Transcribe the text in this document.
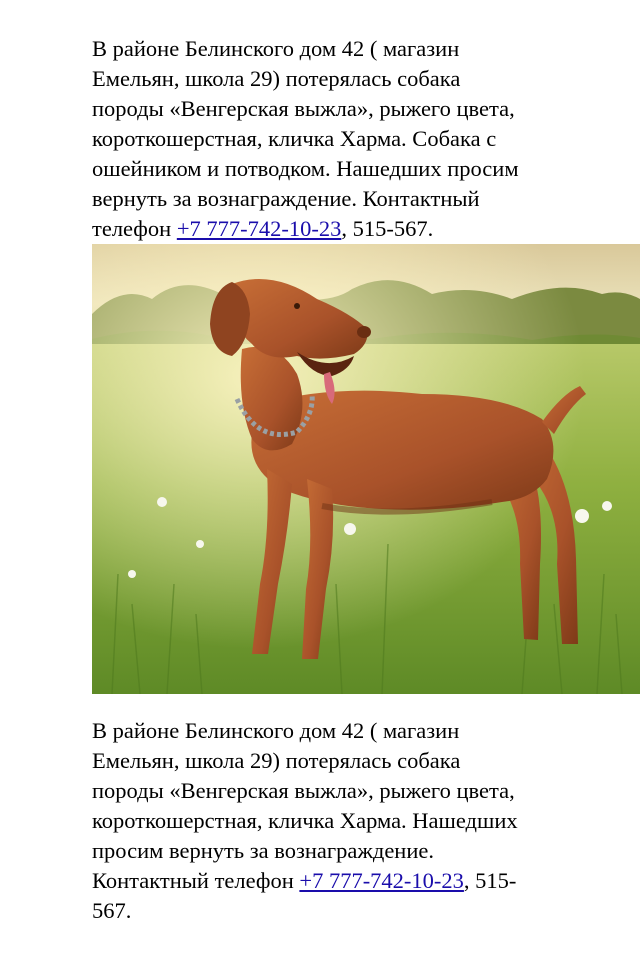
В районе Белинского дом 42 ( магазин
Емельян, школа 29) потерялась собака
породы «Венгерская выжла», рыжего цвета,
короткошерстная, кличка Харма. Собака с
ошейником и потводком. Нашедших просим
вернуть за вознаграждение. Контактный
телефон +7 777-742-10-23, 515-567.

В районе Белинского дом 42 ( магазин
Емельян, школа 29) потерялась собака
породы «Венгерская выжла», рыжего цвета,
короткошерстная, кличка Харма. Нашедших
просим вернуть за вознаграждение.
Контактный телефон +7 777-742-10-23, 515-
567.
